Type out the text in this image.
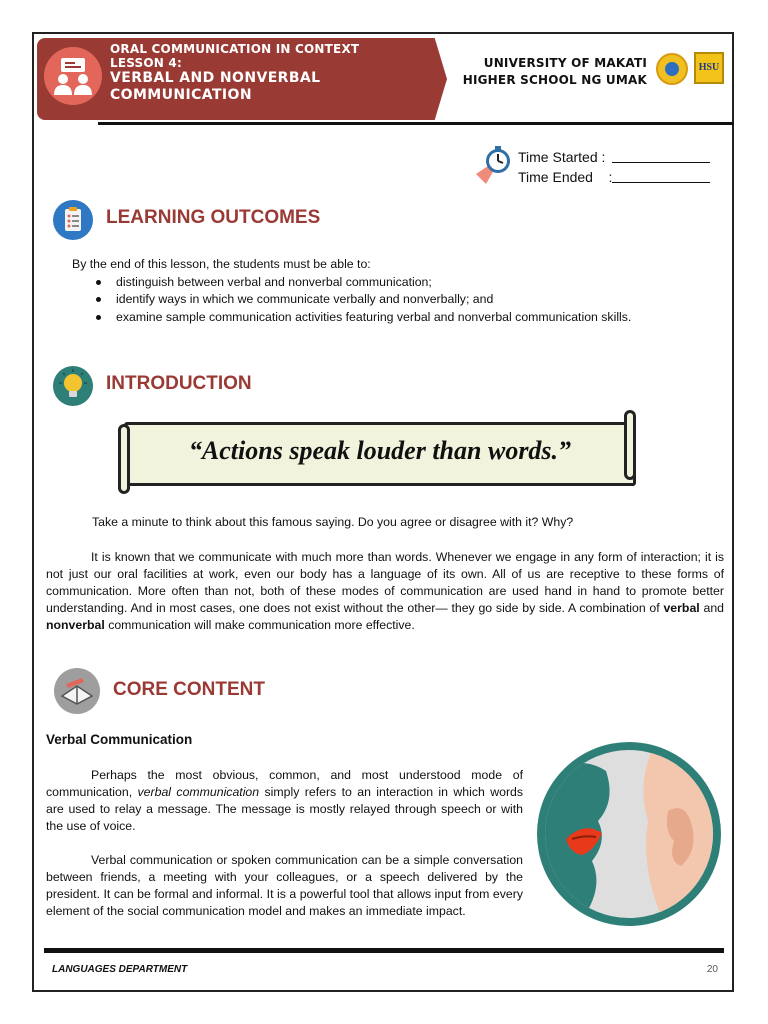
ORAL COMMUNICATION IN CONTEXT
LESSON 4:
VERBAL AND NONVERBAL
COMMUNICATION
UNIVERSITY OF MAKATI
HIGHER SCHOOL NG UMAK
HSU
Time Started :
Time Ended    :
LEARNING OUTCOMES
By the end of this lesson, the students must be able to:
distinguish between verbal and nonverbal communication;
identify ways in which we communicate verbally and nonverbally; and
examine sample communication activities featuring verbal and nonverbal communication skills.
INTRODUCTION
“Actions speak louder than words.”
Take a minute to think about this famous saying. Do you agree or disagree with it? Why?
It is known that we communicate with much more than words. Whenever we engage in any form of interaction; it is not just our oral facilities at work, even our body has a language of its own. All of us are receptive to these forms of communication. More often than not, both of these modes of communication are used hand in hand to promote better understanding. And in most cases, one does not exist without the other— they go side by side. A combination of verbal and nonverbal communication will make communication more effective.
CORE CONTENT
Verbal Communication
Perhaps the most obvious, common, and most understood mode of communication, verbal communication simply refers to an interaction in which words are used to relay a message. The message is mostly relayed through speech or with the use of voice.
Verbal communication or spoken communication can be a simple conversation between friends, a meeting with your colleagues, or a speech delivered by the president. It can be formal and informal. It is a powerful tool that allows input from every element of the social communication model and makes an immediate impact.
LANGUAGES DEPARTMENT	20
